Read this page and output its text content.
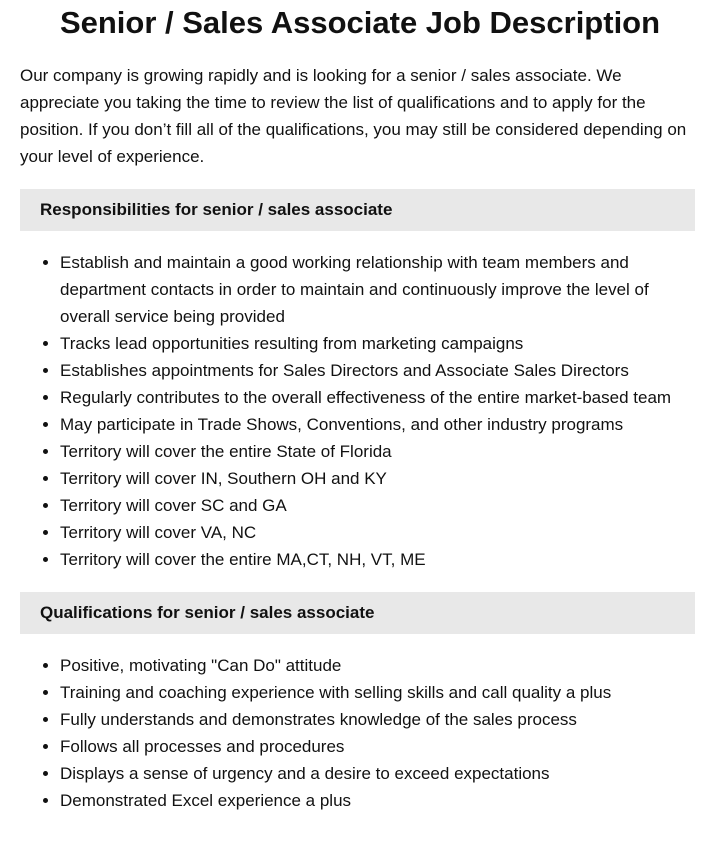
Senior / Sales Associate Job Description

Our company is growing rapidly and is looking for a senior / sales associate. We appreciate you taking the time to review the list of qualifications and to apply for the position. If you don’t fill all of the qualifications, you may still be considered depending on your level of experience.

Responsibilities for senior / sales associate
• Establish and maintain a good working relationship with team members and department contacts in order to maintain and continuously improve the level of overall service being provided
• Tracks lead opportunities resulting from marketing campaigns
• Establishes appointments for Sales Directors and Associate Sales Directors
• Regularly contributes to the overall effectiveness of the entire market-based team
• May participate in Trade Shows, Conventions, and other industry programs
• Territory will cover the entire State of Florida
• Territory will cover IN, Southern OH and KY
• Territory will cover SC and GA
• Territory will cover VA, NC
• Territory will cover the entire MA,CT, NH, VT, ME
Qualifications for senior / sales associate
• Positive, motivating "Can Do" attitude
• Training and coaching experience with selling skills and call quality a plus
• Fully understands and demonstrates knowledge of the sales process
• Follows all processes and procedures
• Displays a sense of urgency and a desire to exceed expectations
• Demonstrated Excel experience a plus
